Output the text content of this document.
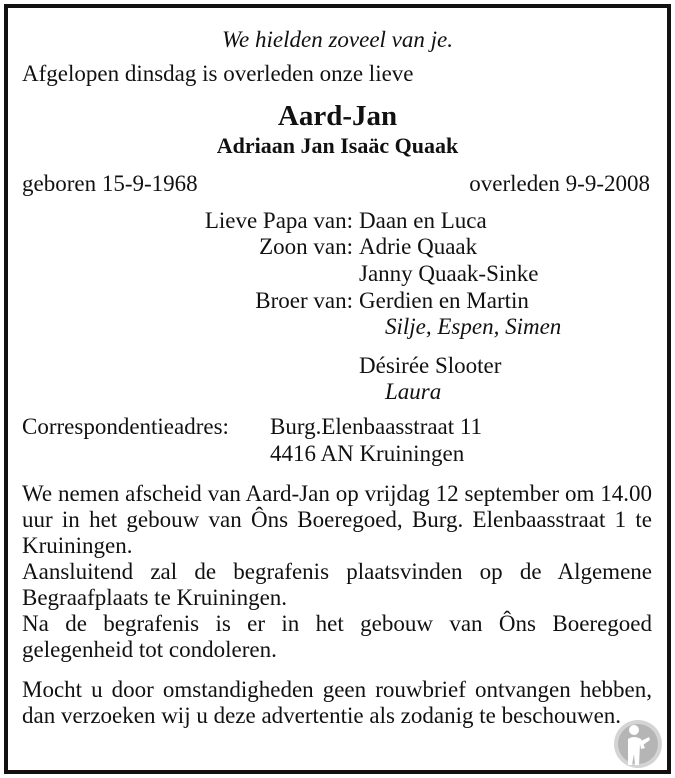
We hielden zoveel van je.
Afgelopen dinsdag is overleden onze lieve
Aard-Jan
Adriaan Jan Isaäc Quaak
geboren 15-9-1968	overleden 9-9-2008
Lieve Papa van: Daan en Luca
Zoon van: Adrie Quaak
Janny Quaak-Sinke
Broer van: Gerdien en Martin
Silje, Espen, Simen
Désirée Slooter
Laura
Correspondentieadres: Burg.Elenbaasstraat 11
4416 AN Kruiningen
We nemen afscheid van Aard-Jan op vrijdag 12 september om 14.00 uur in het gebouw van Ôns Boeregoed, Burg. Elenbaasstraat 1 te Kruiningen.
Aansluitend zal de begrafenis plaatsvinden op de Algemene Begraafplaats te Kruiningen.
Na de begrafenis is er in het gebouw van Ôns Boeregoed gelegenheid tot condoleren.
Mocht u door omstandigheden geen rouwbrief ontvangen hebben, dan verzoeken wij u deze advertentie als zodanig te beschouwen.
